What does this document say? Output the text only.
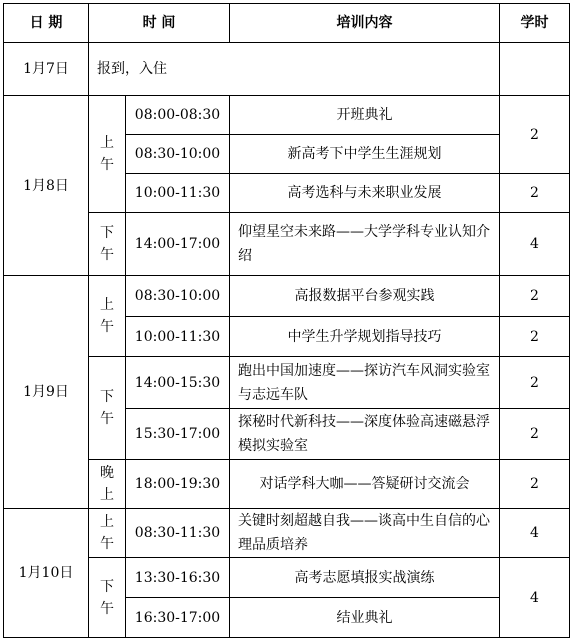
日 期	时 间		培训内容	学时
1月7日	报到，入住			
1月8日	上午	08:00-08:30	开班典礼	2
		08:30-10:00	新高考下中学生生涯规划	
		10:00-11:30	高考选科与未来职业发展	2
	下午	14:00-17:00	仰望星空未来路——大学学科专业认知介绍	4
1月9日	上午	08:30-10:00	高报数据平台参观实践	2
		10:00-11:30	中学生升学规划指导技巧	2
	下午	14:00-15:30	跑出中国加速度——探访汽车风洞实验室与志远车队	2
		15:30-17:00	探秘时代新科技——深度体验高速磁悬浮模拟实验室	2
	晚上	18:00-19:30	对话学科大咖——答疑研讨交流会	2
1月10日	上午	08:30-11:30	关键时刻超越自我——谈高中生自信的心理品质培养	4
	下午	13:30-16:30	高考志愿填报实战演练	4
		16:30-17:00	结业典礼	
